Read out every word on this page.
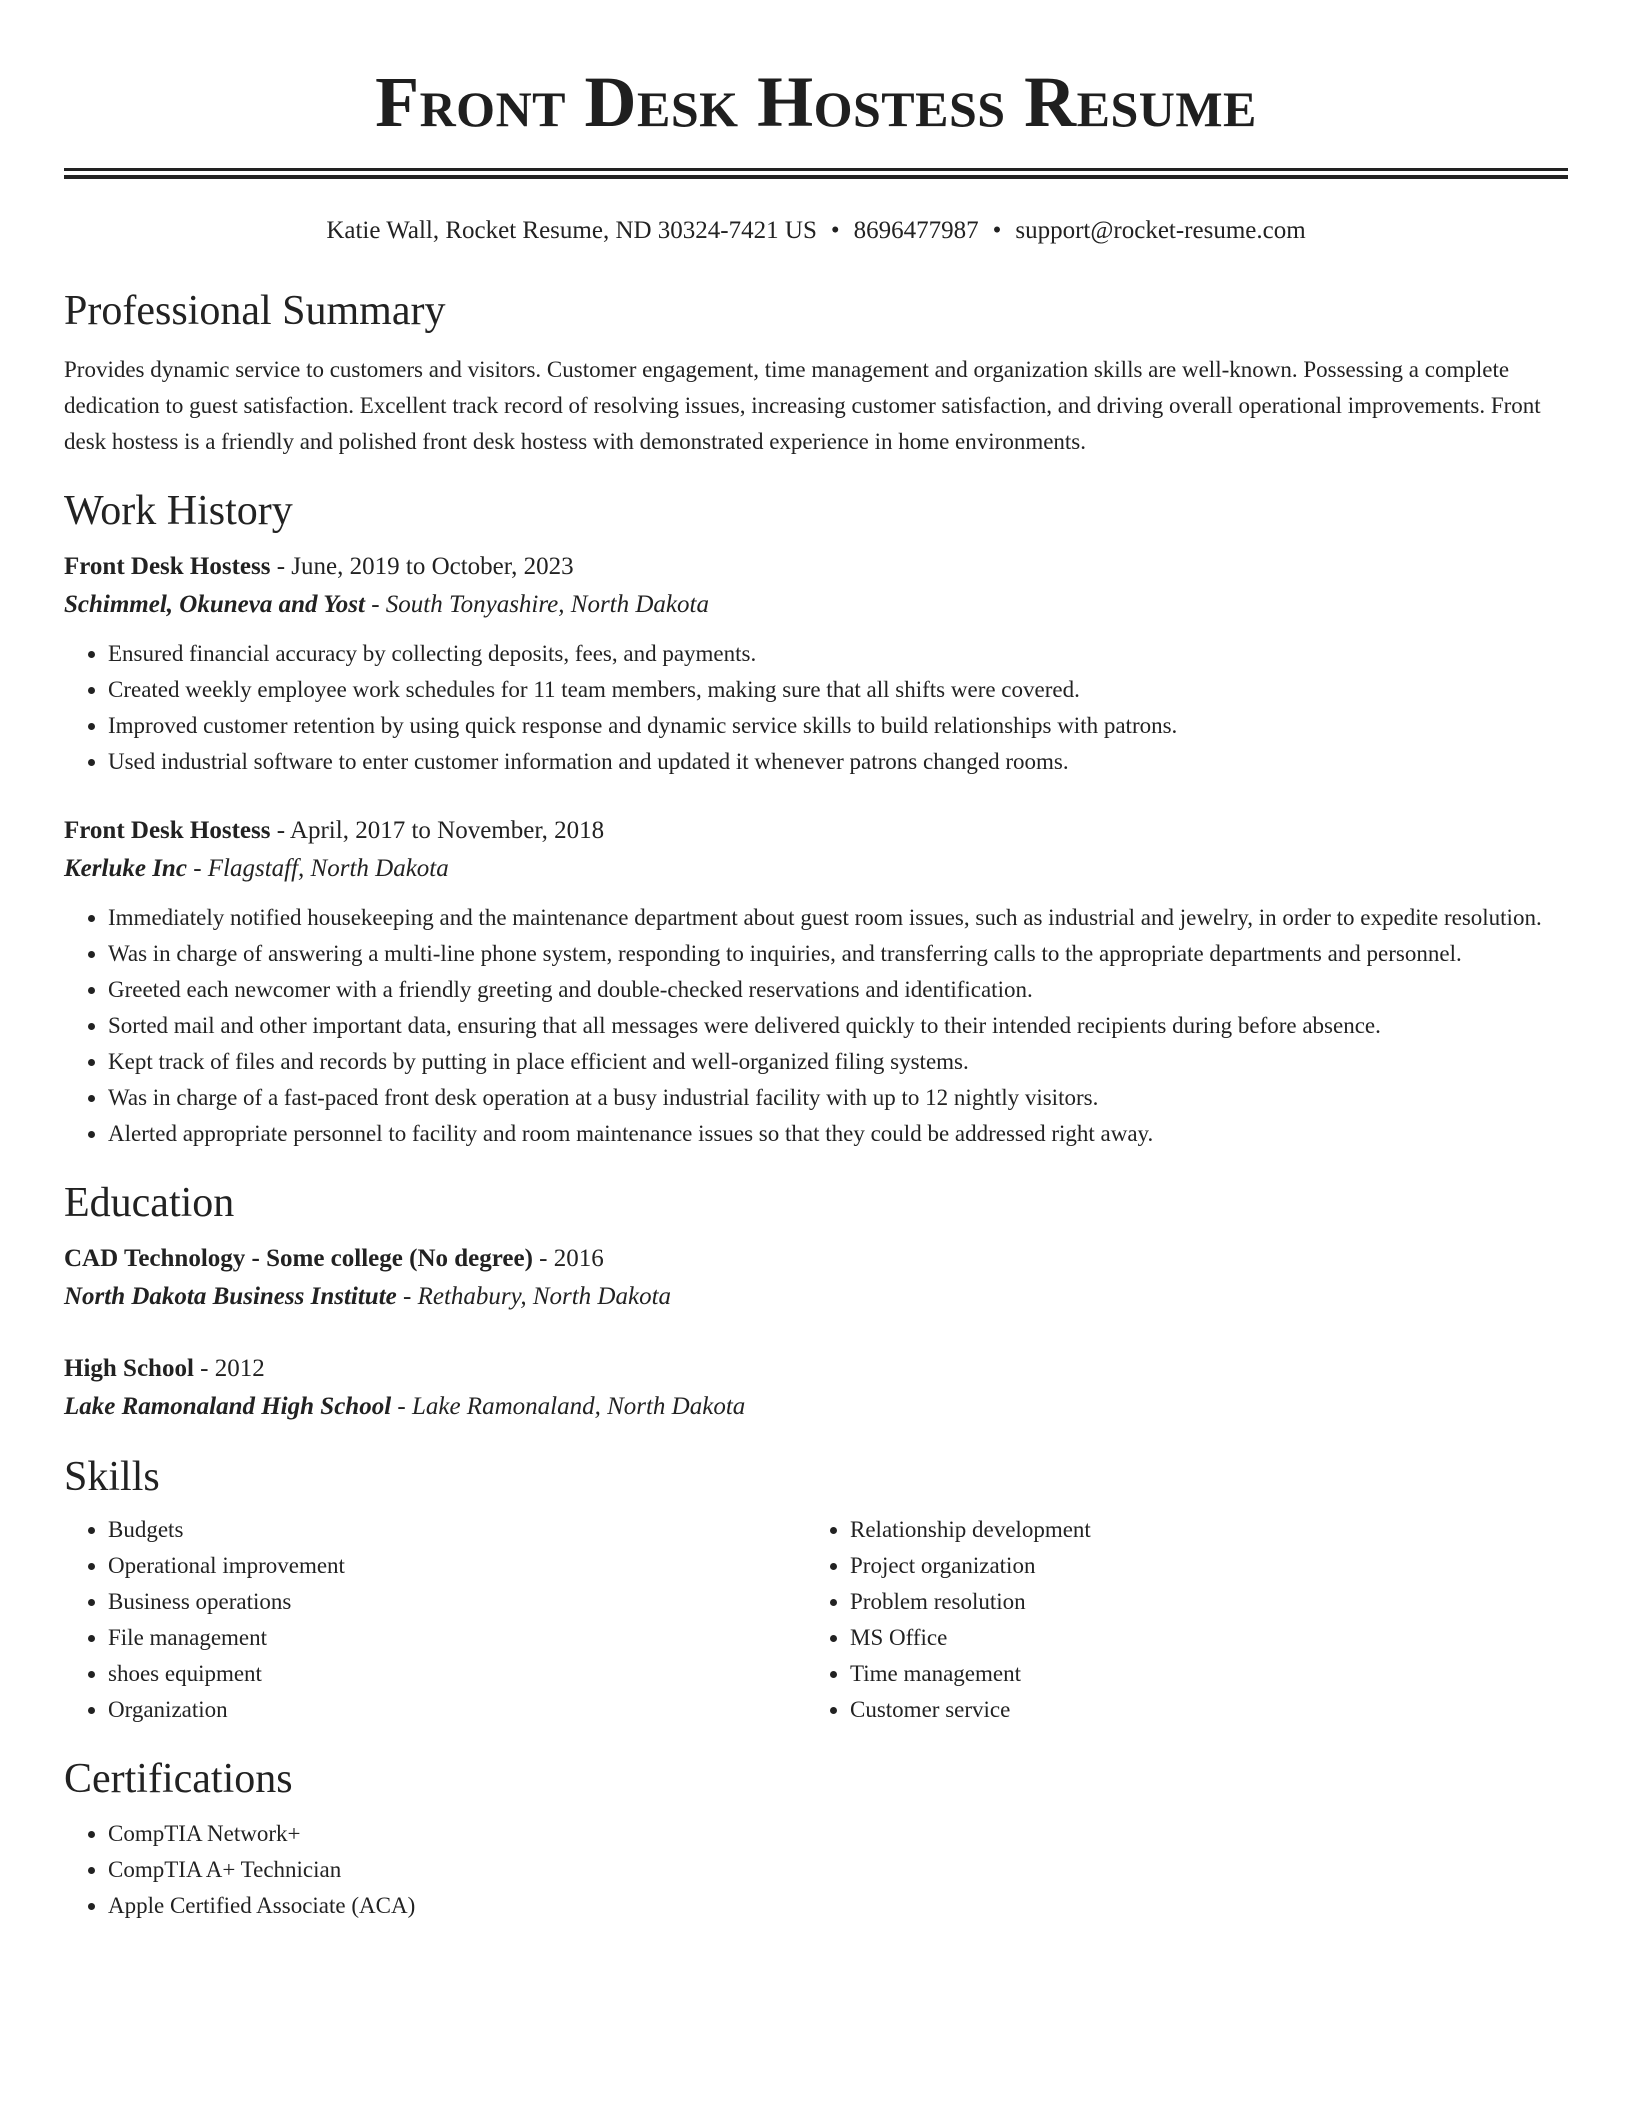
Front Desk Hostess Resume
Katie Wall, Rocket Resume, ND 30324-7421 US • 8696477987 • support@rocket-resume.com
Professional Summary

Provides dynamic service to customers and visitors. Customer engagement, time management and organization skills are well-known. Possessing a complete dedication to guest satisfaction. Excellent track record of resolving issues, increasing customer satisfaction, and driving overall operational improvements. Front desk hostess is a friendly and polished front desk hostess with demonstrated experience in home environments.

Work History
Front Desk Hostess - June, 2019 to October, 2023
Schimmel, Okuneva and Yost - South Tonyashire, North Dakota
• Ensured financial accuracy by collecting deposits, fees, and payments.
• Created weekly employee work schedules for 11 team members, making sure that all shifts were covered.
• Improved customer retention by using quick response and dynamic service skills to build relationships with patrons.
• Used industrial software to enter customer information and updated it whenever patrons changed rooms.
Front Desk Hostess - April, 2017 to November, 2018
Kerluke Inc - Flagstaff, North Dakota
• Immediately notified housekeeping and the maintenance department about guest room issues, such as industrial and jewelry, in order to expedite resolution.
• Was in charge of answering a multi-line phone system, responding to inquiries, and transferring calls to the appropriate departments and personnel.
• Greeted each newcomer with a friendly greeting and double-checked reservations and identification.
• Sorted mail and other important data, ensuring that all messages were delivered quickly to their intended recipients during before absence.
• Kept track of files and records by putting in place efficient and well-organized filing systems.
• Was in charge of a fast-paced front desk operation at a busy industrial facility with up to 12 nightly visitors.
• Alerted appropriate personnel to facility and room maintenance issues so that they could be addressed right away.
Education
CAD Technology - Some college (No degree) - 2016
North Dakota Business Institute - Rethabury, North Dakota
High School - 2012
Lake Ramonaland High School - Lake Ramonaland, North Dakota
Skills
• Budgets
• Operational improvement
• Business operations
• File management
• shoes equipment
• Organization
• Relationship development
• Project organization
• Problem resolution
• MS Office
• Time management
• Customer service
Certifications
• CompTIA Network+
• CompTIA A+ Technician
• Apple Certified Associate (ACA)
